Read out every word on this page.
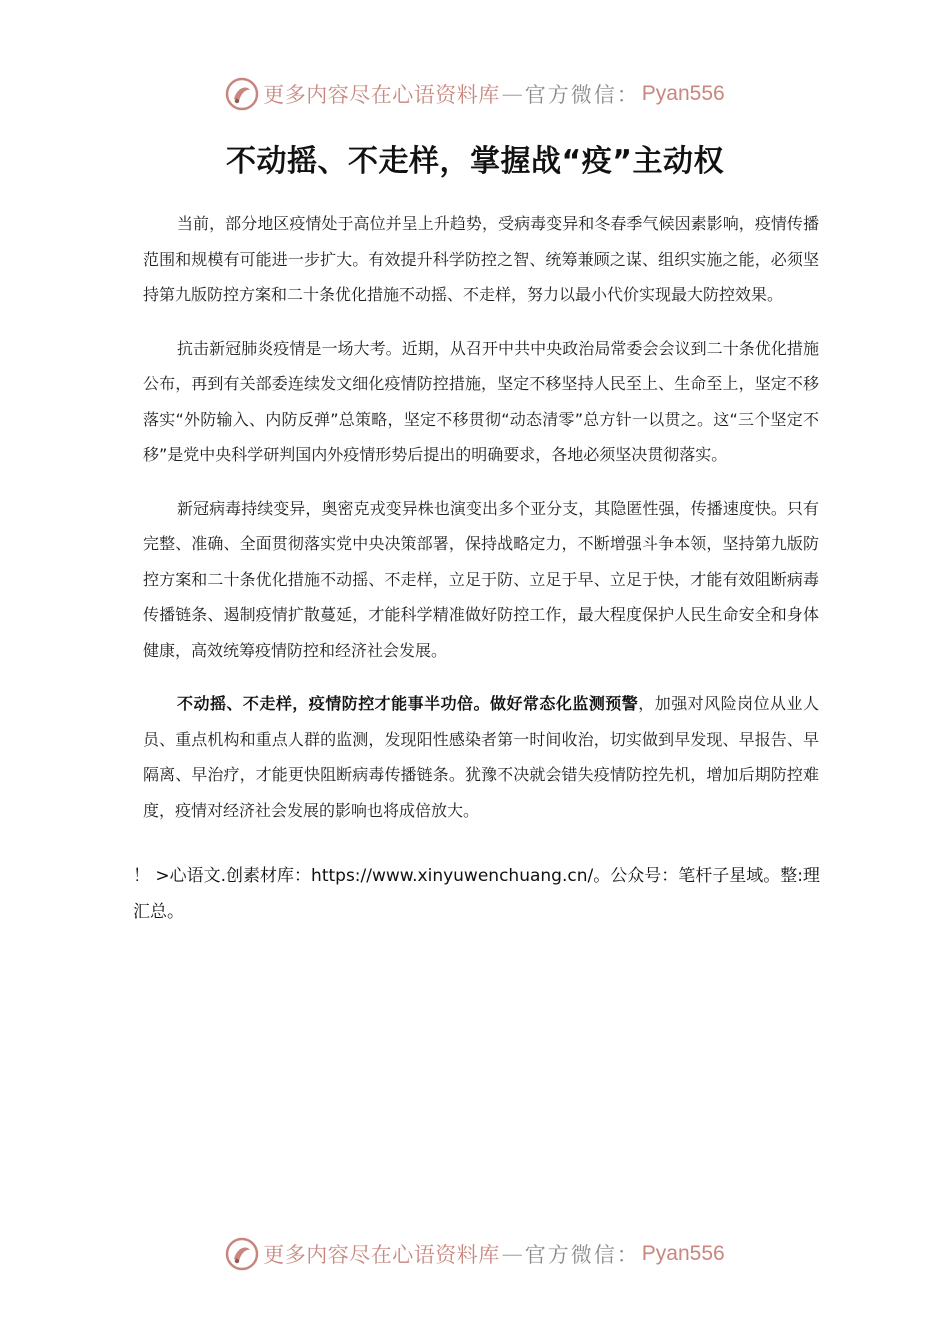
更多内容尽在心语资料库 — 官方微信： Pyan556
不动摇、不走样，掌握战“疫”主动权

当前，部分地区疫情处于高位并呈上升趋势，受病毒变异和冬春季气候因素影响，疫情传播范围和规模有可能进一步扩大。有效提升科学防控之智、统筹兼顾之谋、组织实施之能，必须坚持第九版防控方案和二十条优化措施不动摇、不走样，努力以最小代价实现最大防控效果。

抗击新冠肺炎疫情是一场大考。近期，从召开中共中央政治局常委会会议到二十条优化措施公布，再到有关部委连续发文细化疫情防控措施，坚定不移坚持人民至上、生命至上，坚定不移落实“外防输入、内防反弹”总策略，坚定不移贯彻“动态清零”总方针一以贯之。这“三个坚定不移”是党中央科学研判国内外疫情形势后提出的明确要求，各地必须坚决贯彻落实。

新冠病毒持续变异，奥密克戎变异株也演变出多个亚分支，其隐匿性强，传播速度快。只有完整、准确、全面贯彻落实党中央决策部署，保持战略定力，不断增强斗争本领，坚持第九版防控方案和二十条优化措施不动摇、不走样，立足于防、立足于早、立足于快，才能有效阻断病毒传播链条、遏制疫情扩散蔓延，才能科学精准做好防控工作，最大程度保护人民生命安全和身体健康，高效统筹疫情防控和经济社会发展。

不动摇、不走样，疫情防控才能事半功倍。做好常态化监测预警，加强对风险岗位从业人员、重点机构和重点人群的监测，发现阳性感染者第一时间收治，切实做到早发现、早报告、早隔离、早治疗，才能更快阻断病毒传播链条。犹豫不决就会错失疫情防控先机，增加后期防控难度，疫情对经济社会发展的影响也将成倍放大。

！ >心语文.创素材库：https://www.xinyuwenchuang.cn/。公众号：笔杆子星域。整:理汇总。

更多内容尽在心语资料库 — 官方微信： Pyan556
